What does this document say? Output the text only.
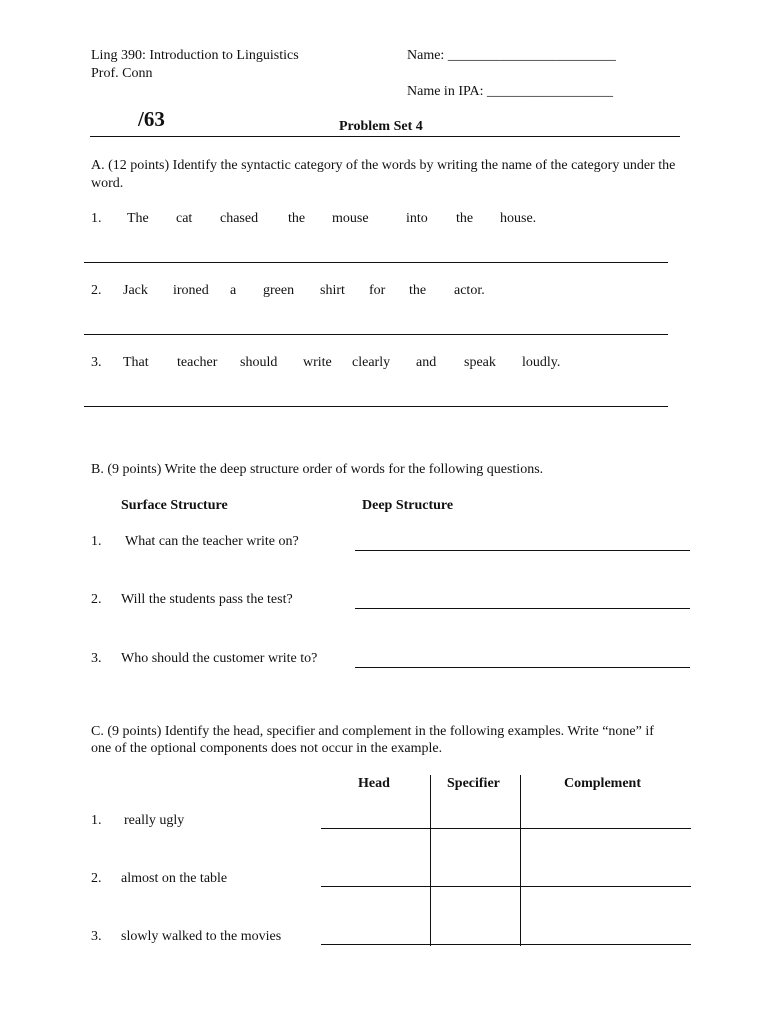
Ling 390: Introduction to Linguistics
Prof. Conn
Name: ________________________
Name in IPA: __________________
/63	Problem Set 4
A. (12 points) Identify the syntactic category of the words by writing the name of the category under the word.
1. The cat chased the mouse	into the house.
2. Jack ironed a green shirt for the actor.
3. That teacher should write clearly and speak loudly.
B. (9 points) Write the deep structure order of words for the following questions.
Surface Structure	Deep Structure
1. What can the teacher write on?
2. Will the students pass the test?
3. Who should the customer write to?
C. (9 points) Identify the head, specifier and complement in the following examples. Write “none” if one of the optional components does not occur in the example.
Head	Specifier	Complement
1. really ugly
2. almost on the table
3. slowly walked to the movies
